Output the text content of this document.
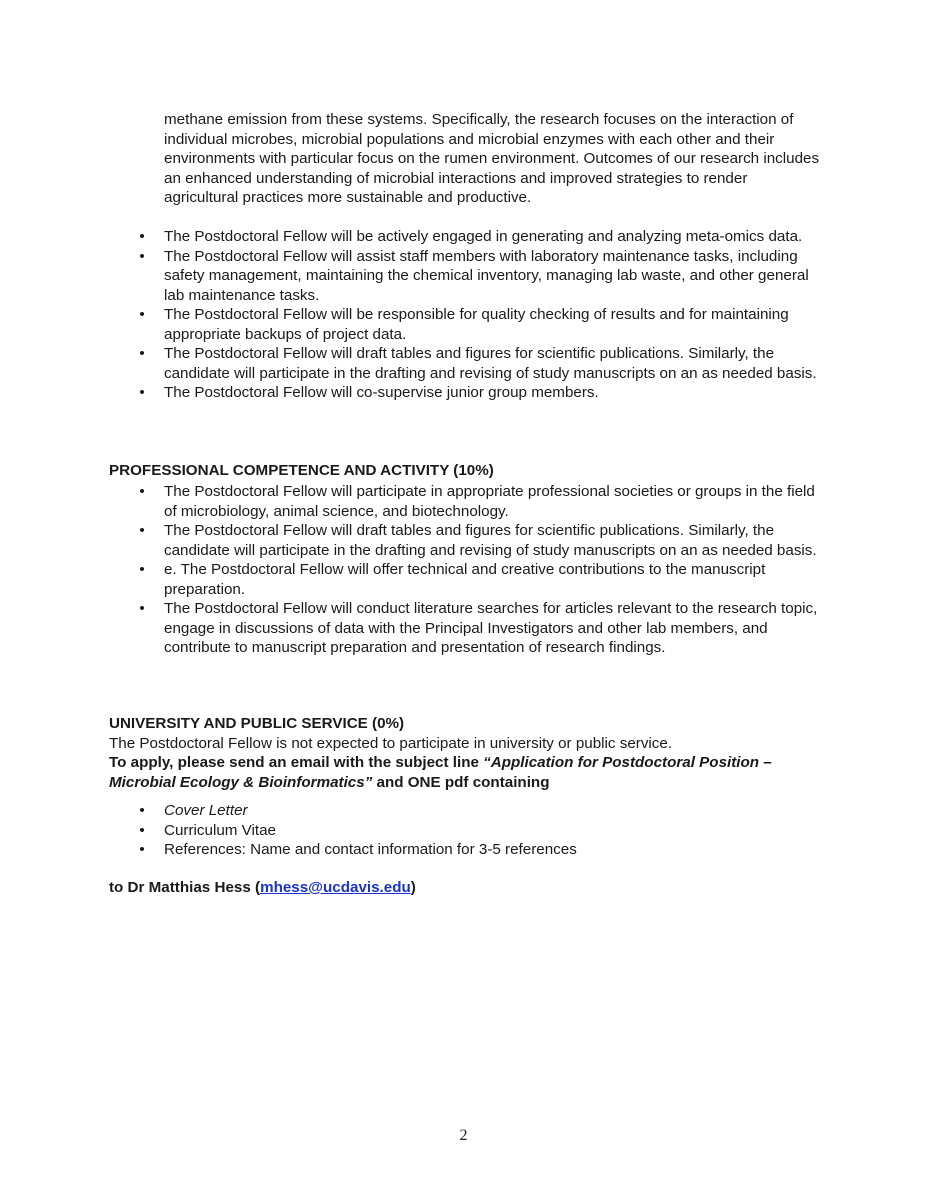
methane emission from these systems. Specifically, the research focuses on the interaction of individual microbes, microbial populations and microbial enzymes with each other and their environments with particular focus on the rumen environment. Outcomes of our research includes an enhanced understanding of microbial interactions and improved strategies to render agricultural practices more sustainable and productive.

• The Postdoctoral Fellow will be actively engaged in generating and analyzing meta-omics data.
• The Postdoctoral Fellow will assist staff members with laboratory maintenance tasks, including safety management, maintaining the chemical inventory, managing lab waste, and other general lab maintenance tasks.
• The Postdoctoral Fellow will be responsible for quality checking of results and for maintaining appropriate backups of project data.
• The Postdoctoral Fellow will draft tables and figures for scientific publications. Similarly, the candidate will participate in the drafting and revising of study manuscripts on an as needed basis.
• The Postdoctoral Fellow will co-supervise junior group members.

PROFESSIONAL COMPETENCE AND ACTIVITY (10%)

• The Postdoctoral Fellow will participate in appropriate professional societies or groups in the field of microbiology, animal science, and biotechnology.
• The Postdoctoral Fellow will draft tables and figures for scientific publications. Similarly, the candidate will participate in the drafting and revising of study manuscripts on an as needed basis.
• e. The Postdoctoral Fellow will offer technical and creative contributions to the manuscript preparation.
• The Postdoctoral Fellow will conduct literature searches for articles relevant to the research topic, engage in discussions of data with the Principal Investigators and other lab members, and contribute to manuscript preparation and presentation of research findings.

UNIVERSITY AND PUBLIC SERVICE (0%)

The Postdoctoral Fellow is not expected to participate in university or public service.

To apply, please send an email with the subject line “Application for Postdoctoral Position – Microbial Ecology & Bioinformatics” and ONE pdf containing

• Cover Letter
• Curriculum Vitae
• References: Name and contact information for 3-5 references

to Dr Matthias Hess (mhess@ucdavis.edu)

2
